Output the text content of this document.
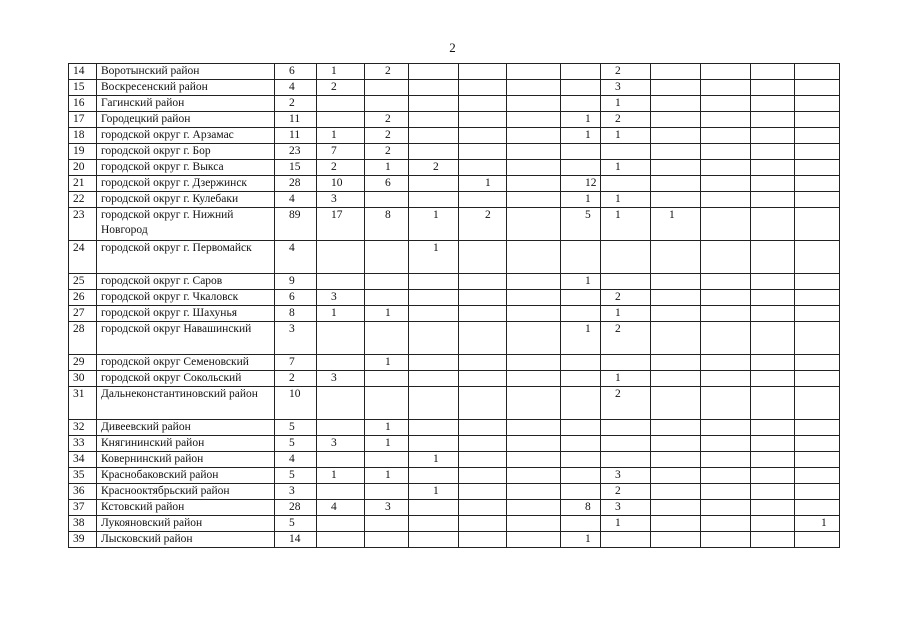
2
14	Воротынский район	6	1	2					2				
15	Воскресенский район	4	2						3				
16	Гагинский район	2							1				
17	Городецкий район	11		2				1	2				
18	городской округ г. Арзамас	11	1	2				1	1				
19	городской округ г. Бор	23	7	2									
20	городской округ г. Выкса	15	2	1	2				1				
21	городской округ г. Дзержинск	28	10	6		1		12					
22	городской округ г. Кулебаки	4	3					1	1				
23	городской округ г. Нижний Новгород	89	17	8	1	2		5	1	1			
24	городской округ г. Первомайск	4			1								
25	городской округ г. Саров	9						1					
26	городской округ г. Чкаловск	6	3						2				
27	городской округ г. Шахунья	8	1	1					1				
28	городской округ Навашинский	3						1	2				
29	городской округ Семеновский	7		1									
30	городской округ Сокольский	2	3						1				
31	Дальнеконстантиновский район	10							2				
32	Дивеевский район	5		1									
33	Княгининский район	5	3	1									
34	Ковернинский район	4			1								
35	Краснобаковский район	5	1	1					3				
36	Краснооктябрьский район	3			1				2				
37	Кстовский район	28	4	3				8	3				
38	Лукояновский район	5							1				1
39	Лысковский район	14						1					
